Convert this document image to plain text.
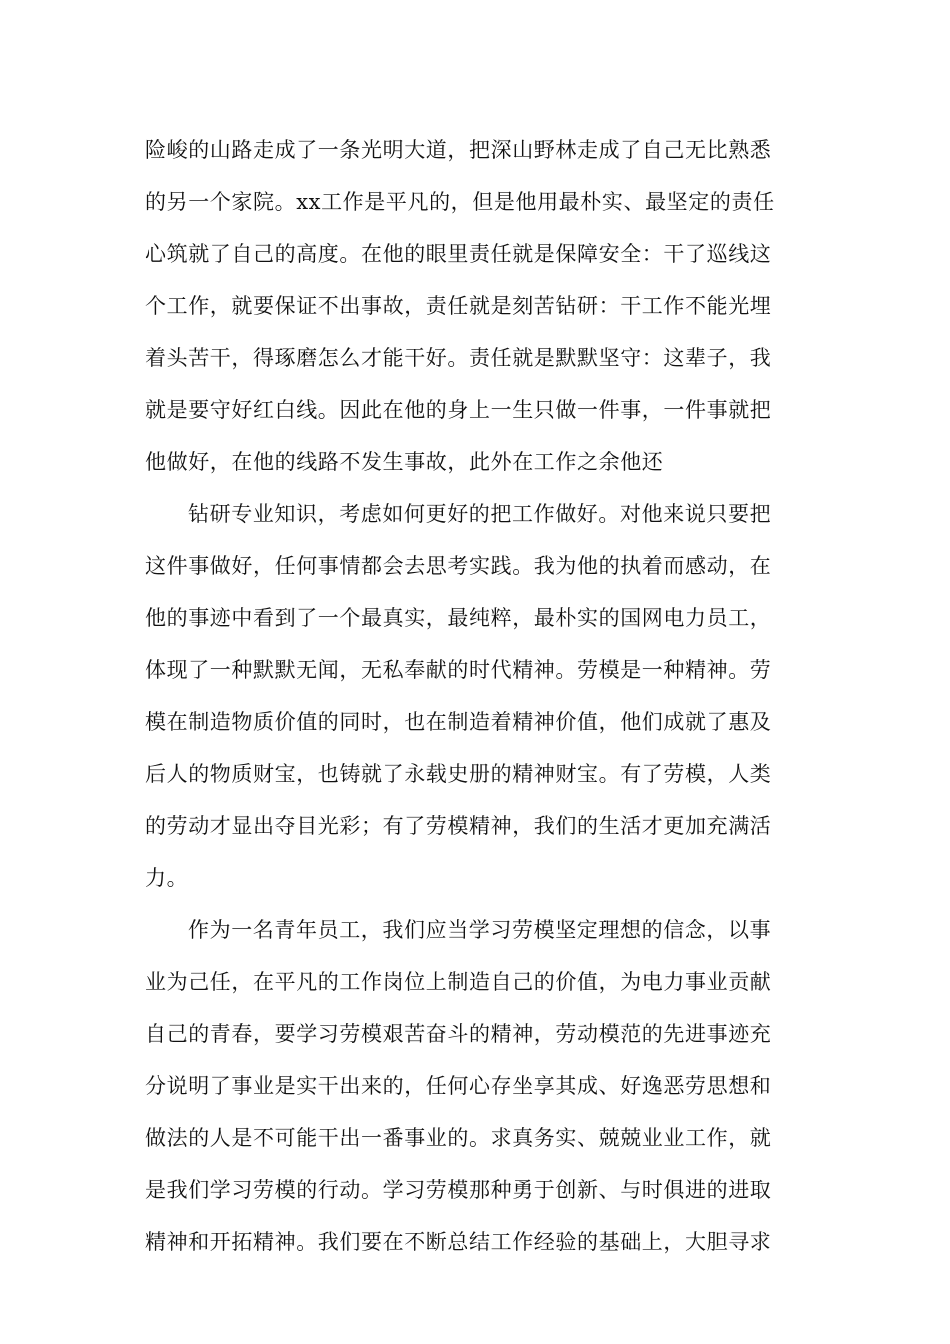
险峻的山路走成了一条光明大道，把深山野林走成了自己无比熟悉
的另一个家院。xx工作是平凡的，但是他用最朴实、最坚定的责任
心筑就了自己的高度。在他的眼里责任就是保障安全：干了巡线这
个工作，就要保证不出事故，责任就是刻苦钻研：干工作不能光埋
着头苦干，得琢磨怎么才能干好。责任就是默默坚守：这辈子，我
就是要守好红白线。因此在他的身上一生只做一件事，一件事就把
他做好，在他的线路不发生事故，此外在工作之余他还
钻研专业知识，考虑如何更好的把工作做好。对他来说只要把
这件事做好，任何事情都会去思考实践。我为他的执着而感动，在
他的事迹中看到了一个最真实，最纯粹，最朴实的国网电力员工，
体现了一种默默无闻，无私奉献的时代精神。劳模是一种精神。劳
模在制造物质价值的同时，也在制造着精神价值，他们成就了惠及
后人的物质财宝，也铸就了永载史册的精神财宝。有了劳模，人类
的劳动才显出夺目光彩；有了劳模精神，我们的生活才更加充满活
力。
作为一名青年员工，我们应当学习劳模坚定理想的信念，以事
业为己任，在平凡的工作岗位上制造自己的价值，为电力事业贡献
自己的青春，要学习劳模艰苦奋斗的精神，劳动模范的先进事迹充
分说明了事业是实干出来的，任何心存坐享其成、好逸恶劳思想和
做法的人是不可能干出一番事业的。求真务实、兢兢业业工作，就
是我们学习劳模的行动。学习劳模那种勇于创新、与时俱进的进取
精神和开拓精神。我们要在不断总结工作经验的基础上，大胆寻求
